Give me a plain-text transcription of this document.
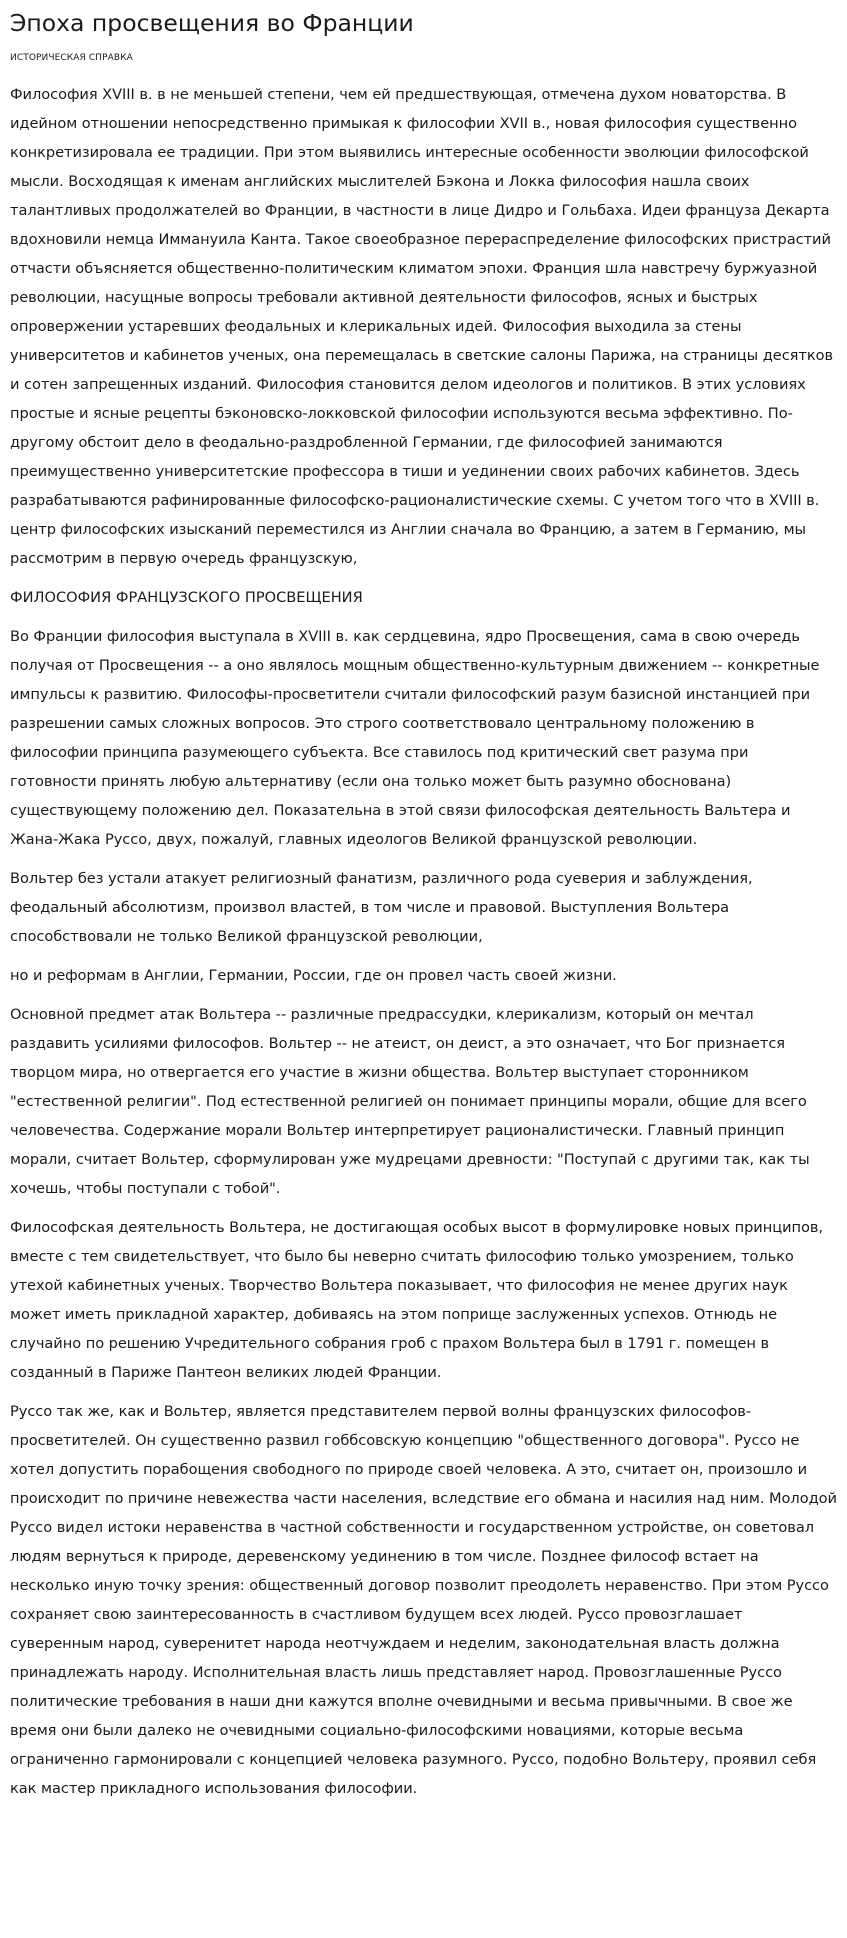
Эпоха просвещения во Франции
ИСТОРИЧЕСКАЯ СПРАВКА

Философия XVIII в. в не меньшей степени, чем ей предшествующая, отмечена духом новаторства. В идейном отношении непосредственно примыкая к философии XVII в., новая философия существенно конкретизировала ее традиции. При этом выявились интересные особенности эволюции философской мысли. Восходящая к именам английских мыслителей Бэкона и Локка философия нашла своих талантливых продолжателей во Франции, в частности в лице Дидро и Гольбаха. Идеи француза Декарта вдохновили немца Иммануила Канта. Такое своеобразное перераспределение философских пристрастий отчасти объясняется общественно-политическим климатом эпохи. Франция шла навстречу буржуазной революции, насущные вопросы требовали активной деятельности философов, ясных и быстрых опровержении устаревших феодальных и клерикальных идей. Философия выходила за стены университетов и кабинетов ученых, она перемещалась в светские салоны Парижа, на страницы десятков и сотен запрещенных изданий. Философия становится делом идеологов и политиков. В этих условиях простые и ясные рецепты бэконовско-локковской философии используются весьма эффективно. По-другому обстоит дело в феодально-раздробленной Германии, где философией занимаются преимущественно университетские профессора в тиши и уединении своих рабочих кабинетов. Здесь разрабатываются рафинированные философско-рационалистические схемы. С учетом того что в XVIII в. центр философских изысканий переместился из Англии сначала во Францию, а затем в Германию, мы рассмотрим в первую очередь французскую,

ФИЛОСОФИЯ ФРАНЦУЗСКОГО ПРОСВЕЩЕНИЯ

Во Франции философия выступала в XVIII в. как сердцевина, ядро Просвещения, сама в свою очередь получая от Просвещения -- а оно являлось мощным общественно-культурным движением -- конкретные импульсы к развитию. Философы-просветители считали философский разум базисной инстанцией при разрешении самых сложных вопросов. Это строго соответствовало центральному положению в философии принципа разумеющего субъекта. Все ставилось под критический свет разума при готовности принять любую альтернативу (если она только может быть разумно обоснована) существующему положению дел. Показательна в этой связи философская деятельность Вальтера и Жана-Жака Руссо, двух, пожалуй, главных идеологов Великой французской революции.

Вольтер без устали атакует религиозный фанатизм, различного рода суеверия и заблуждения, феодальный абсолютизм, произвол властей, в том числе и правовой. Выступления Вольтера способствовали не только Великой французской революции,

но и реформам в Англии, Германии, России, где он провел часть своей жизни.

Основной предмет атак Вольтера -- различные предрассудки, клерикализм, который он мечтал раздавить усилиями философов. Вольтер -- не атеист, он деист, а это означает, что Бог признается творцом мира, но отвергается его участие в жизни общества. Вольтер выступает сторонником "естественной религии". Под естественной религией он понимает принципы морали, общие для всего человечества. Содержание морали Вольтер интерпретирует рационалистически. Главный принцип морали, считает Вольтер, сформулирован уже мудрецами древности: "Поступай с другими так, как ты хочешь, чтобы поступали с тобой".

Философская деятельность Вольтера, не достигающая особых высот в формулировке новых принципов, вместе с тем свидетельствует, что было бы неверно считать философию только умозрением, только утехой кабинетных ученых. Творчество Вольтера показывает, что философия не менее других наук может иметь прикладной характер, добиваясь на этом поприще заслуженных успехов. Отнюдь не случайно по решению Учредительного собрания гроб с прахом Вольтера был в 1791 г. помещен в созданный в Париже Пантеон великих людей Франции.

Руссо так же, как и Вольтер, является представителем первой волны французских философов-просветителей. Он существенно развил гоббсовскую концепцию "общественного договора". Руссо не хотел допустить порабощения свободного по природе своей человека. А это, считает он, произошло и происходит по причине невежества части населения, вследствие его обмана и насилия над ним. Молодой Руссо видел истоки неравенства в частной собственности и государственном устройстве, он советовал людям вернуться к природе, деревенскому уединению в том числе. Позднее философ встает на несколько иную точку зрения: общественный договор позволит преодолеть неравенство. При этом Руссо сохраняет свою заинтересованность в счастливом будущем всех людей. Руссо провозглашает суверенным народ, суверенитет народа неотчуждаем и неделим, законодательная власть должна принадлежать народу. Исполнительная власть лишь представляет народ. Провозглашенные Руссо политические требования в наши дни кажутся вполне очевидными и весьма привычными. В свое же время они были далеко не очевидными социально-философскими новациями, которые весьма ограниченно гармонировали с концепцией человека разумного. Руссо, подобно Вольтеру, проявил себя как мастер прикладного использования философии.
